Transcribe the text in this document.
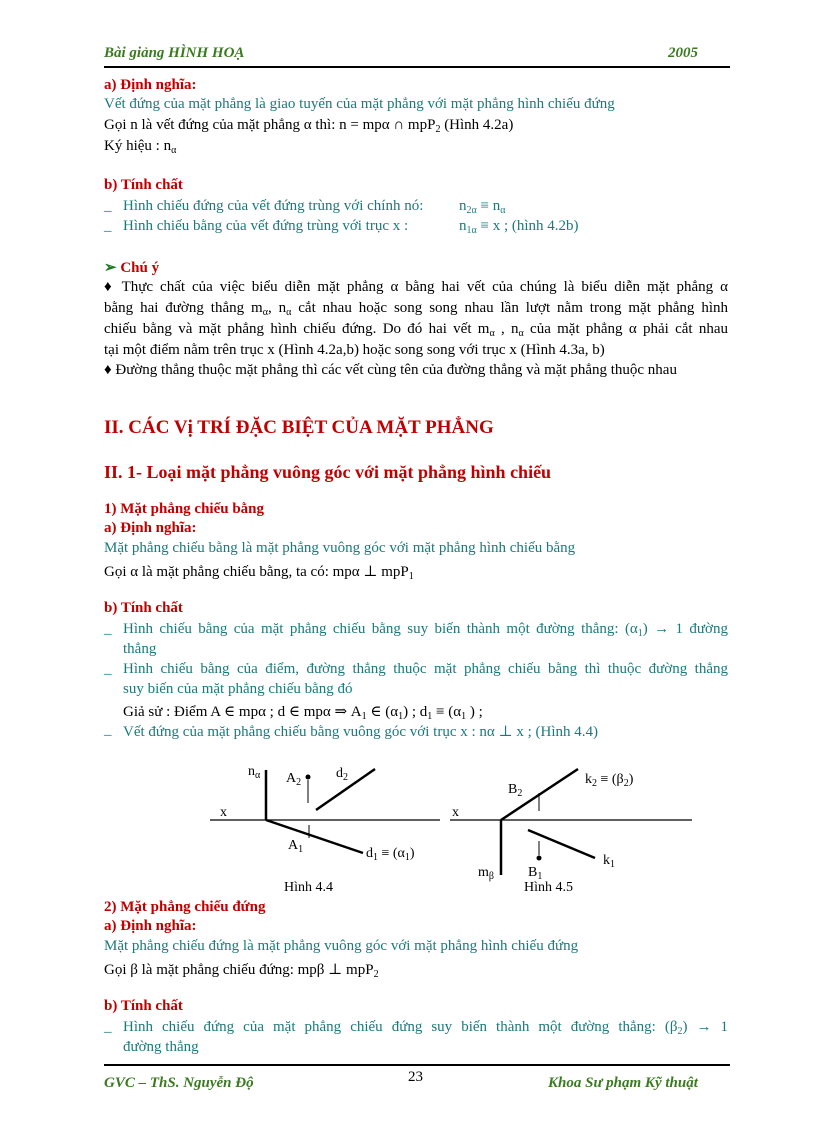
Bài giảng HÌNH HOẠ	2005
a) Định nghĩa:
Vết đứng của mặt phẳng là giao tuyến của mặt phẳng với mặt phẳng hình chiếu đứng
Gọi n là vết đứng của mặt phẳng α thì: n = mpα ∩ mpP$_2$ (Hình 4.2a)
Ký hiệu : $n_\alpha$
b) Tính chất
_ Hình chiếu đứng của vết đứng trùng với chính nó: $n_{2\alpha} \equiv n_\alpha$
_ Hình chiếu bằng của vết đứng trùng với trục x :	$n_{1\alpha} \equiv x$ ; (hình 4.2b)
➢ Chú ý
♦ Thực chất của việc biểu diễn mặt phẳng α bằng hai vết của chúng là biểu diễn mặt phẳng α
bằng hai đường thẳng $m_\alpha$, $n_\alpha$ cắt nhau hoặc song song nhau lần lượt nằm trong mặt phẳng hình
chiếu bằng và mặt phẳng hình chiếu đứng. Do đó hai vết $m_\alpha$ , $n_\alpha$ của mặt phẳng α phải cắt nhau
tại một điểm nằm trên trục x (Hình 4.2a,b) hoặc song song với trục x (Hình 4.3a, b)
♦ Đường thẳng thuộc mặt phẳng thì các vết cùng tên của đường thẳng và mặt phẳng thuộc nhau
II. CÁC Vị TRÍ ĐẶC BIỆT CỦA MẶT PHẲNG
II. 1- Loại mặt phẳng vuông góc với mặt phẳng hình chiếu
1) Mặt phẳng chiếu bằng
a) Định nghĩa:
Mặt phẳng chiếu bằng là mặt phẳng vuông góc với mặt phẳng hình chiếu bằng
Gọi α là mặt phẳng chiếu bằng, ta có: mpα ⊥ mpP$_1$
b) Tính chất
_ Hình chiếu bằng của mặt phẳng chiếu bằng suy biến thành một đường thẳng: $(\alpha_1) \to 1$ đường
thẳng
_ Hình chiếu bằng của điểm, đường thẳng thuộc mặt phẳng chiếu bằng thì thuộc đường thẳng
suy biến của mặt phẳng chiếu bằng đó
Giả sử : Điểm A ∈ mpα ; d ∈ mpα ⇒ $A_1$ ∈ $(\alpha_1)$ ; $d_1 \equiv (\alpha_1$ ) ;
_ Vết đứng của mặt phẳng chiếu bằng vuông góc với trục x : nα ⊥ x ; (Hình 4.4)
$n_\alpha$ $A_2$
$d_2$
x
$A_1$	$d_1 \equiv (\alpha_1)$
Hình 4.4
x
$B_2$
$k_2 \equiv (\beta_2)$
$m_\beta$ $B_1$
$k_1$
Hình 4.5
2) Mặt phẳng chiếu đứng
a) Định nghĩa:
Mặt phẳng chiếu đứng là mặt phẳng vuông góc với mặt phẳng hình chiếu đứng
Gọi β là mặt phẳng chiếu đứng: mpβ ⊥ mpP$_2$
b) Tính chất
_ Hình chiếu đứng của mặt phẳng chiếu đứng suy biến thành một đường thẳng: $(\beta_2) \to 1$
đường thẳng
GVC – ThS. Nguyễn Độ	23	Khoa Sư phạm Kỹ thuật
